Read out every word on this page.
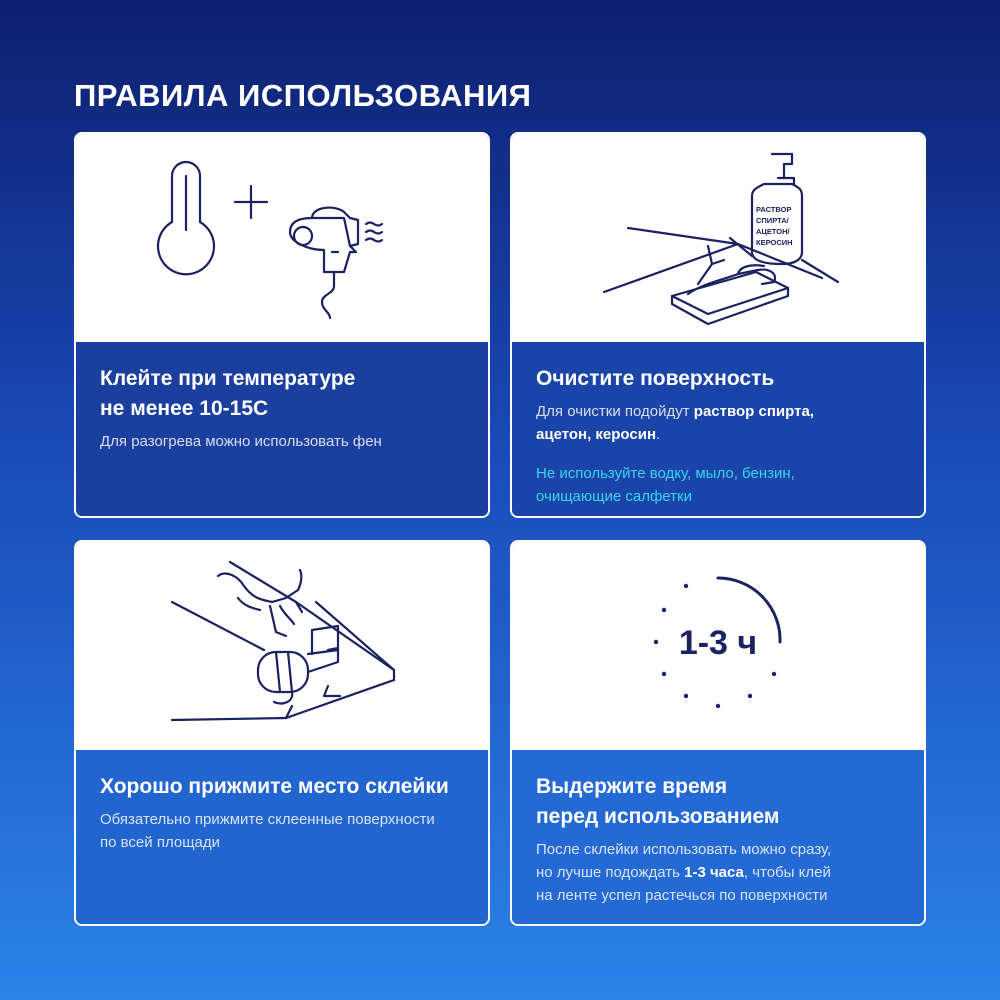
ПРАВИЛА ИСПОЛЬЗОВАНИЯ
Клейте при температуре
не менее 10-15С
Для разогрева можно использовать фен
РАСТВОР
СПИРТА/
АЦЕТОН/
КЕРОСИН
Очистите поверхность
Для очистки подойдут раствор спирта,
ацетон, керосин.
Не используйте водку, мыло, бензин,
очищающие салфетки
Хорошо прижмите место склейки
Обязательно прижмите склеенные поверхности
по всей площади
1-3 ч
Выдержите время
перед использованием
После склейки использовать можно сразу,
но лучше подождать 1-3 часа, чтобы клей
на ленте успел растечься по поверхности
